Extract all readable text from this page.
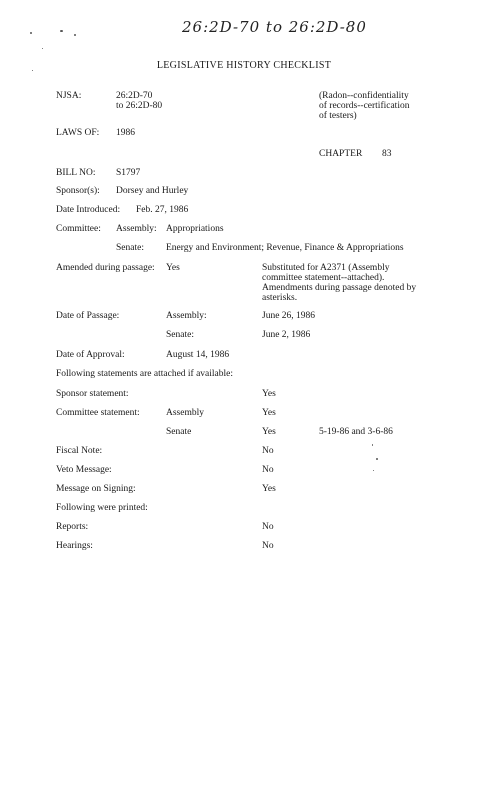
26:2D-70 to 26:2D-80
LEGISLATIVE HISTORY CHECKLIST
NJSA:	26:2D-70
to 26:2D-80
(Radon--confidentiality
of records--certification
of testers)
LAWS OF: 1986
CHAPTER 83
BILL NO: S1797
Sponsor(s): Dorsey and Hurley
Date Introduced: Feb. 27, 1986
Committee: Assembly: Appropriations
Senate: Energy and Environment; Revenue, Finance & Appropriations
Amended during passage: Yes	Substituted for A2371 (Assembly
committee statement--attached).
Amendments during passage denoted by
asterisks.
Date of Passage:	Assembly:	June 26, 1986
Senate:	June 2, 1986
Date of Approval:	August 14, 1986
Following statements are attached if available:
Sponsor statement:	Yes
Committee statement:	Assembly	Yes
Senate	Yes	5-19-86 and 3-6-86
Fiscal Note:	No
Veto Message:	No
Message on Signing:	Yes
Following were printed:
Reports:	No
Hearings:	No
